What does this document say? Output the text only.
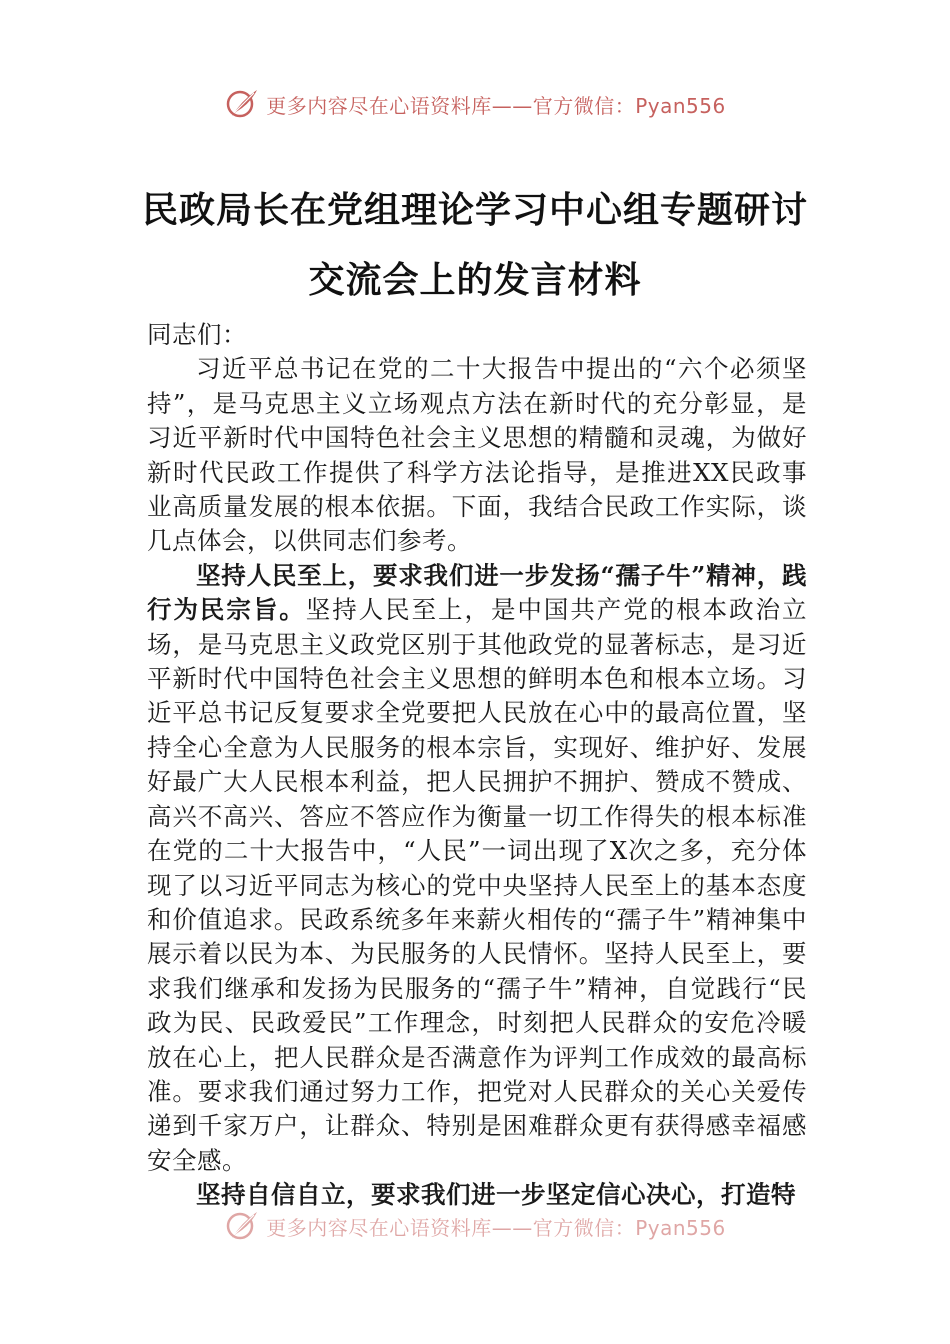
更多内容尽在心语资料库——官方微信：Pyan556
民政局长在党组理论学习中心组专题研讨
交流会上的发言材料

同志们：

习近平总书记在党的二十大报告中提出的“六个必须坚持”，是马克思主义立场观点方法在新时代的充分彰显，是习近平新时代中国特色社会主义思想的精髓和灵魂，为做好新时代民政工作提供了科学方法论指导，是推进XX民政事业高质量发展的根本依据。下面，我结合民政工作实际，谈几点体会，以供同志们参考。

坚持人民至上，要求我们进一步发扬“孺子牛”精神，践行为民宗旨。坚持人民至上，是中国共产党的根本政治立场，是马克思主义政党区别于其他政党的显著标志，是习近平新时代中国特色社会主义思想的鲜明本色和根本立场。习近平总书记反复要求全党要把人民放在心中的最高位置，坚持全心全意为人民服务的根本宗旨，实现好、维护好、发展好最广大人民根本利益，把人民拥护不拥护、赞成不赞成、高兴不高兴、答应不答应作为衡量一切工作得失的根本标准在党的二十大报告中，“人民”一词出现了X次之多，充分体现了以习近平同志为核心的党中央坚持人民至上的基本态度和价值追求。民政系统多年来薪火相传的“孺子牛”精神集中展示着以民为本、为民服务的人民情怀。坚持人民至上，要求我们继承和发扬为民服务的“孺子牛”精神，自觉践行“民政为民、民政爱民”工作理念，时刻把人民群众的安危冷暖放在心上，把人民群众是否满意作为评判工作成效的最高标准。要求我们通过努力工作，把党对人民群众的关心关爱传递到千家万户，让群众、特别是困难群众更有获得感幸福感安全感。

坚持自信自立，要求我们进一步坚定信心决心，打造特

更多内容尽在心语资料库——官方微信：Pyan556
